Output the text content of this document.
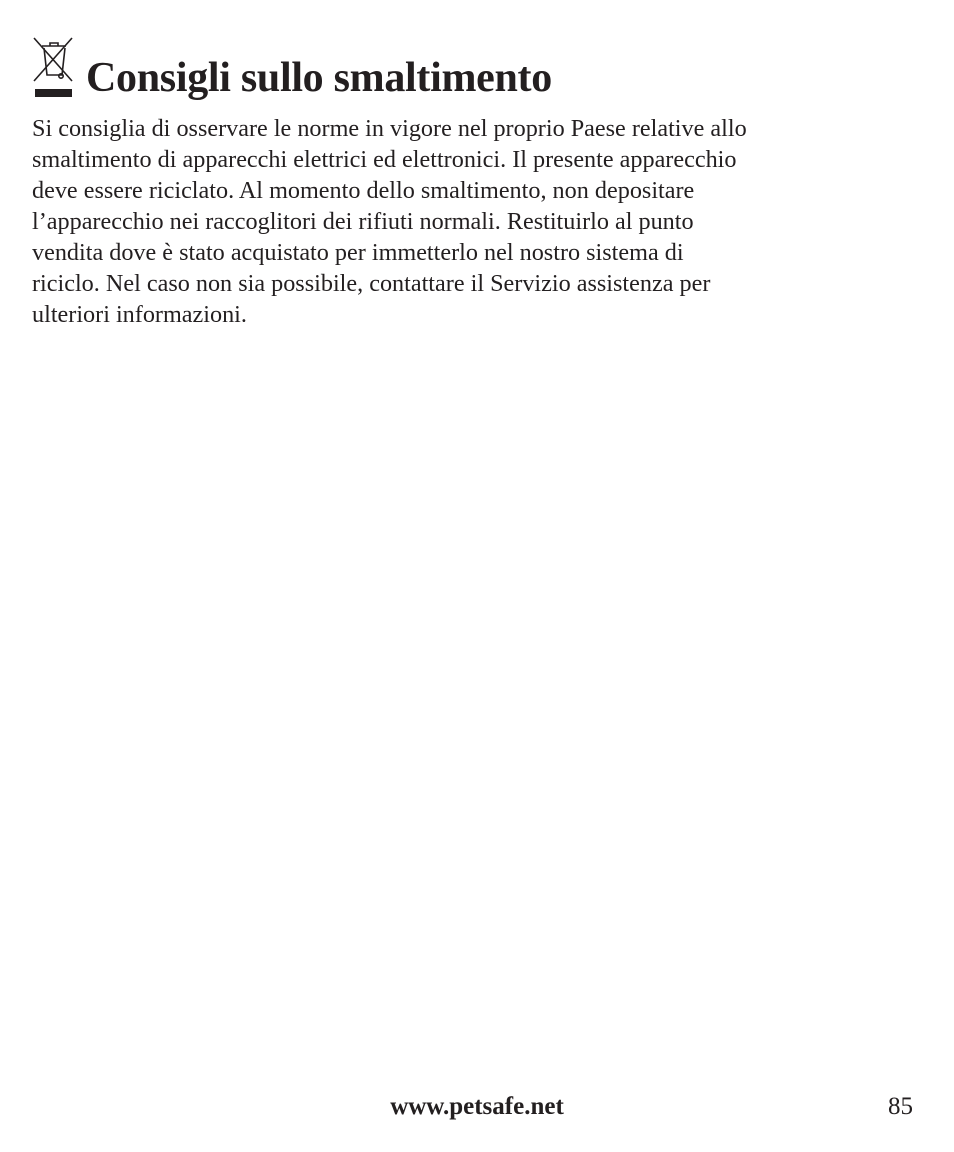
Consigli sullo smaltimento

Si consiglia di osservare le norme in vigore nel proprio Paese relative allo
smaltimento di apparecchi elettrici ed elettronici. Il presente apparecchio
deve essere riciclato. Al momento dello smaltimento, non depositare
l’apparecchio nei raccoglitori dei rifiuti normali. Restituirlo al punto
vendita dove è stato acquistato per immetterlo nel nostro sistema di
riciclo. Nel caso non sia possibile, contattare il Servizio assistenza per
ulteriori informazioni.

www.petsafe.net	85
